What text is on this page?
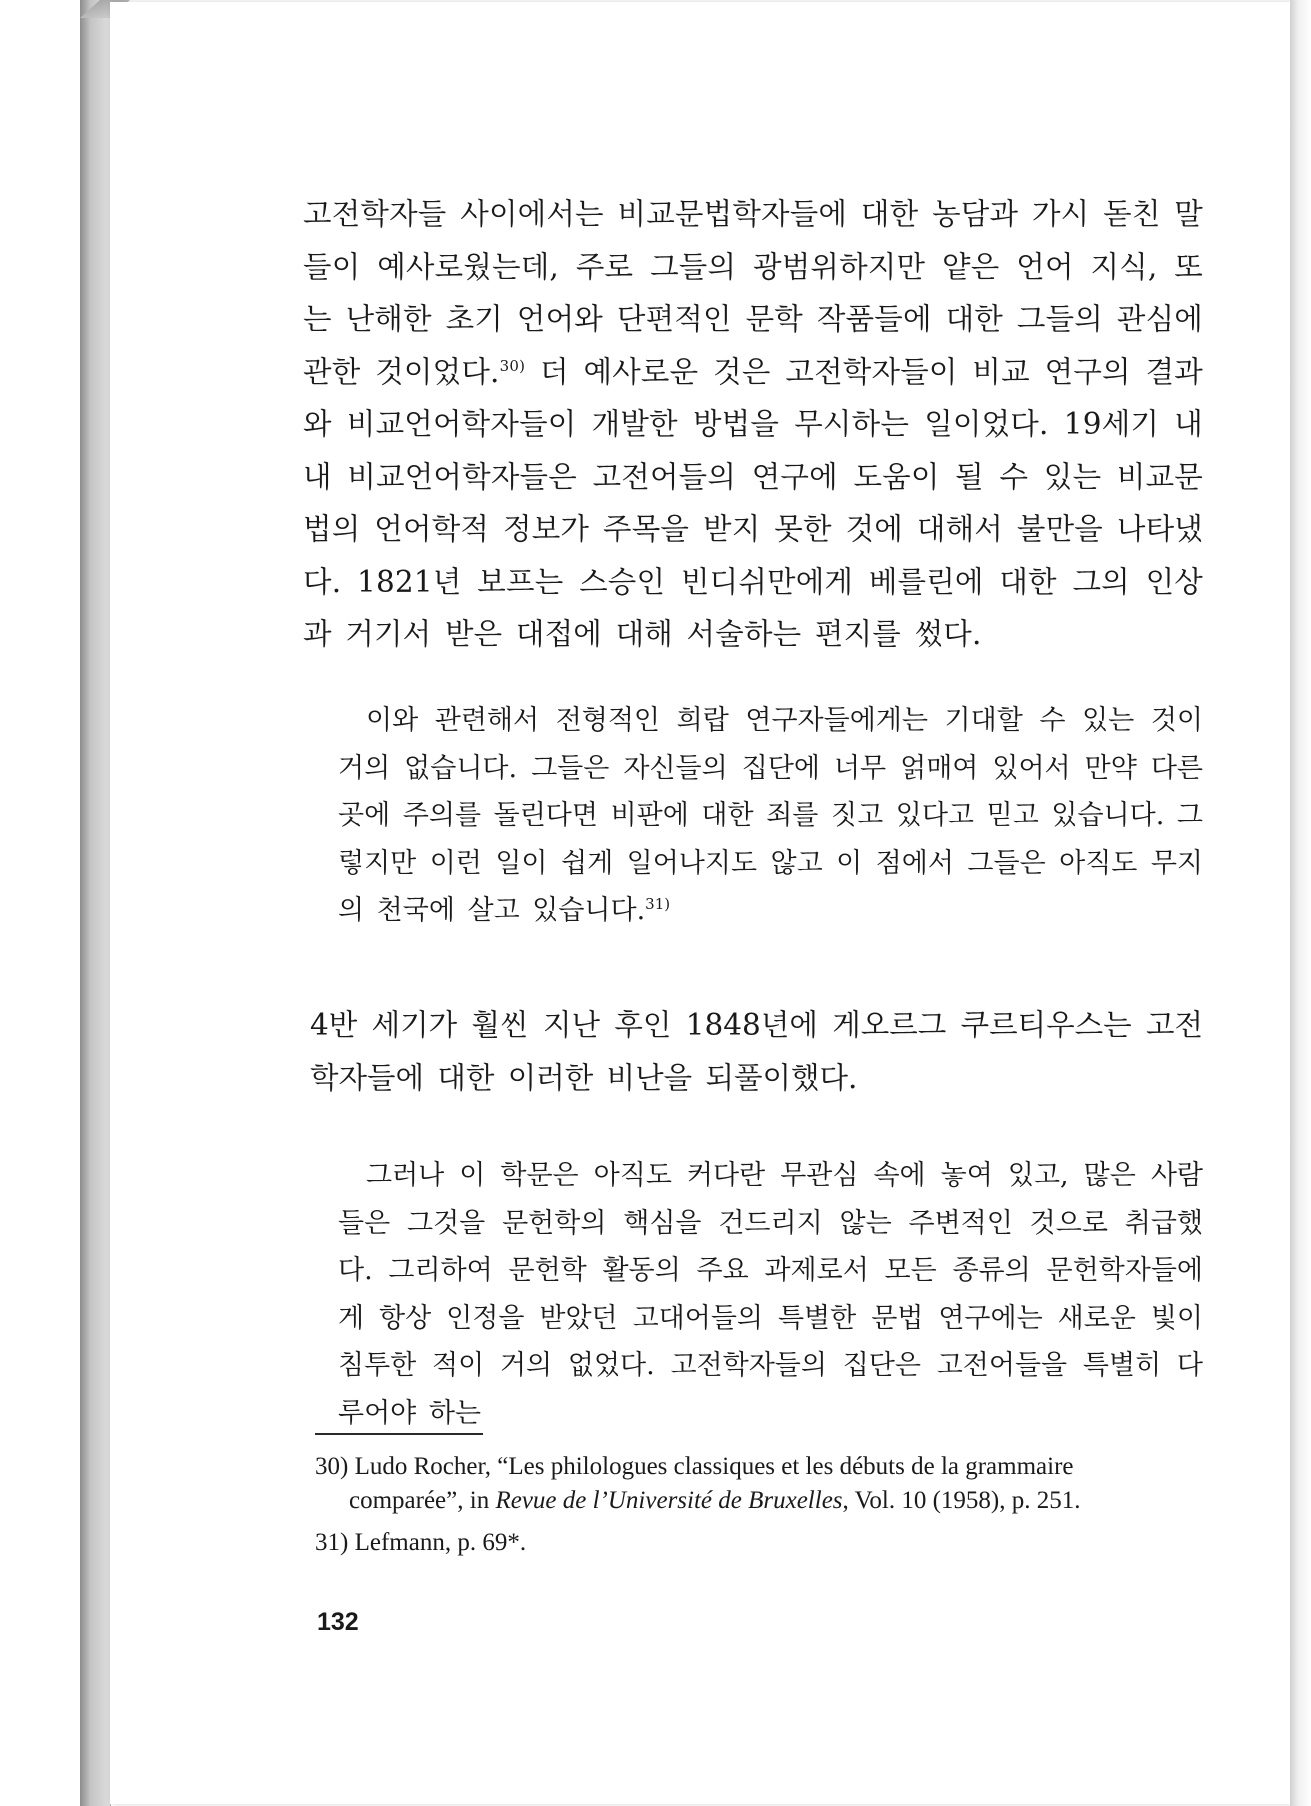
고전학자들 사이에서는 비교문법학자들에 대한 농담과 가시 돋친 말들이 예사로웠는데, 주로 그들의 광범위하지만 얕은 언어 지식, 또는 난해한 초기 언어와 단편적인 문학 작품들에 대한 그들의 관심에 관한 것이었다.$^{30)}$ 더 예사로운 것은 고전학자들이 비교 연구의 결과와 비교언어학자들이 개발한 방법을 무시하는 일이었다. 19세기 내내 비교언어학자들은 고전어들의 연구에 도움이 될 수 있는 비교문법의 언어학적 정보가 주목을 받지 못한 것에 대해서 불만을 나타냈다. 1821년 보프는 스승인 빈디쉬만에게 베를린에 대한 그의 인상과 거기서 받은 대접에 대해 서술하는 편지를 썼다.

이와 관련해서 전형적인 희랍 연구자들에게는 기대할 수 있는 것이 거의 없습니다. 그들은 자신들의 집단에 너무 얽매여 있어서 만약 다른 곳에 주의를 돌린다면 비판에 대한 죄를 짓고 있다고 믿고 있습니다. 그렇지만 이런 일이 쉽게 일어나지도 않고 이 점에서 그들은 아직도 무지의 천국에 살고 있습니다.$^{31)}$

4반 세기가 훨씬 지난 후인 1848년에 게오르그 쿠르티우스는 고전학자들에 대한 이러한 비난을 되풀이했다.

그러나 이 학문은 아직도 커다란 무관심 속에 놓여 있고, 많은 사람들은 그것을 문헌학의 핵심을 건드리지 않는 주변적인 것으로 취급했다. 그리하여 문헌학 활동의 주요 과제로서 모든 종류의 문헌학자들에게 항상 인정을 받았던 고대어들의 특별한 문법 연구에는 새로운 빛이 침투한 적이 거의 없었다. 고전학자들의 집단은 고전어들을 특별히 다루어야 하는

30) Ludo Rocher, “Les philologues classiques et les débuts de la grammaire
comparée”, in Revue de l’Université de Bruxelles, Vol. 10 (1958), p. 251.

31) Lefmann, p. 69*.

132
